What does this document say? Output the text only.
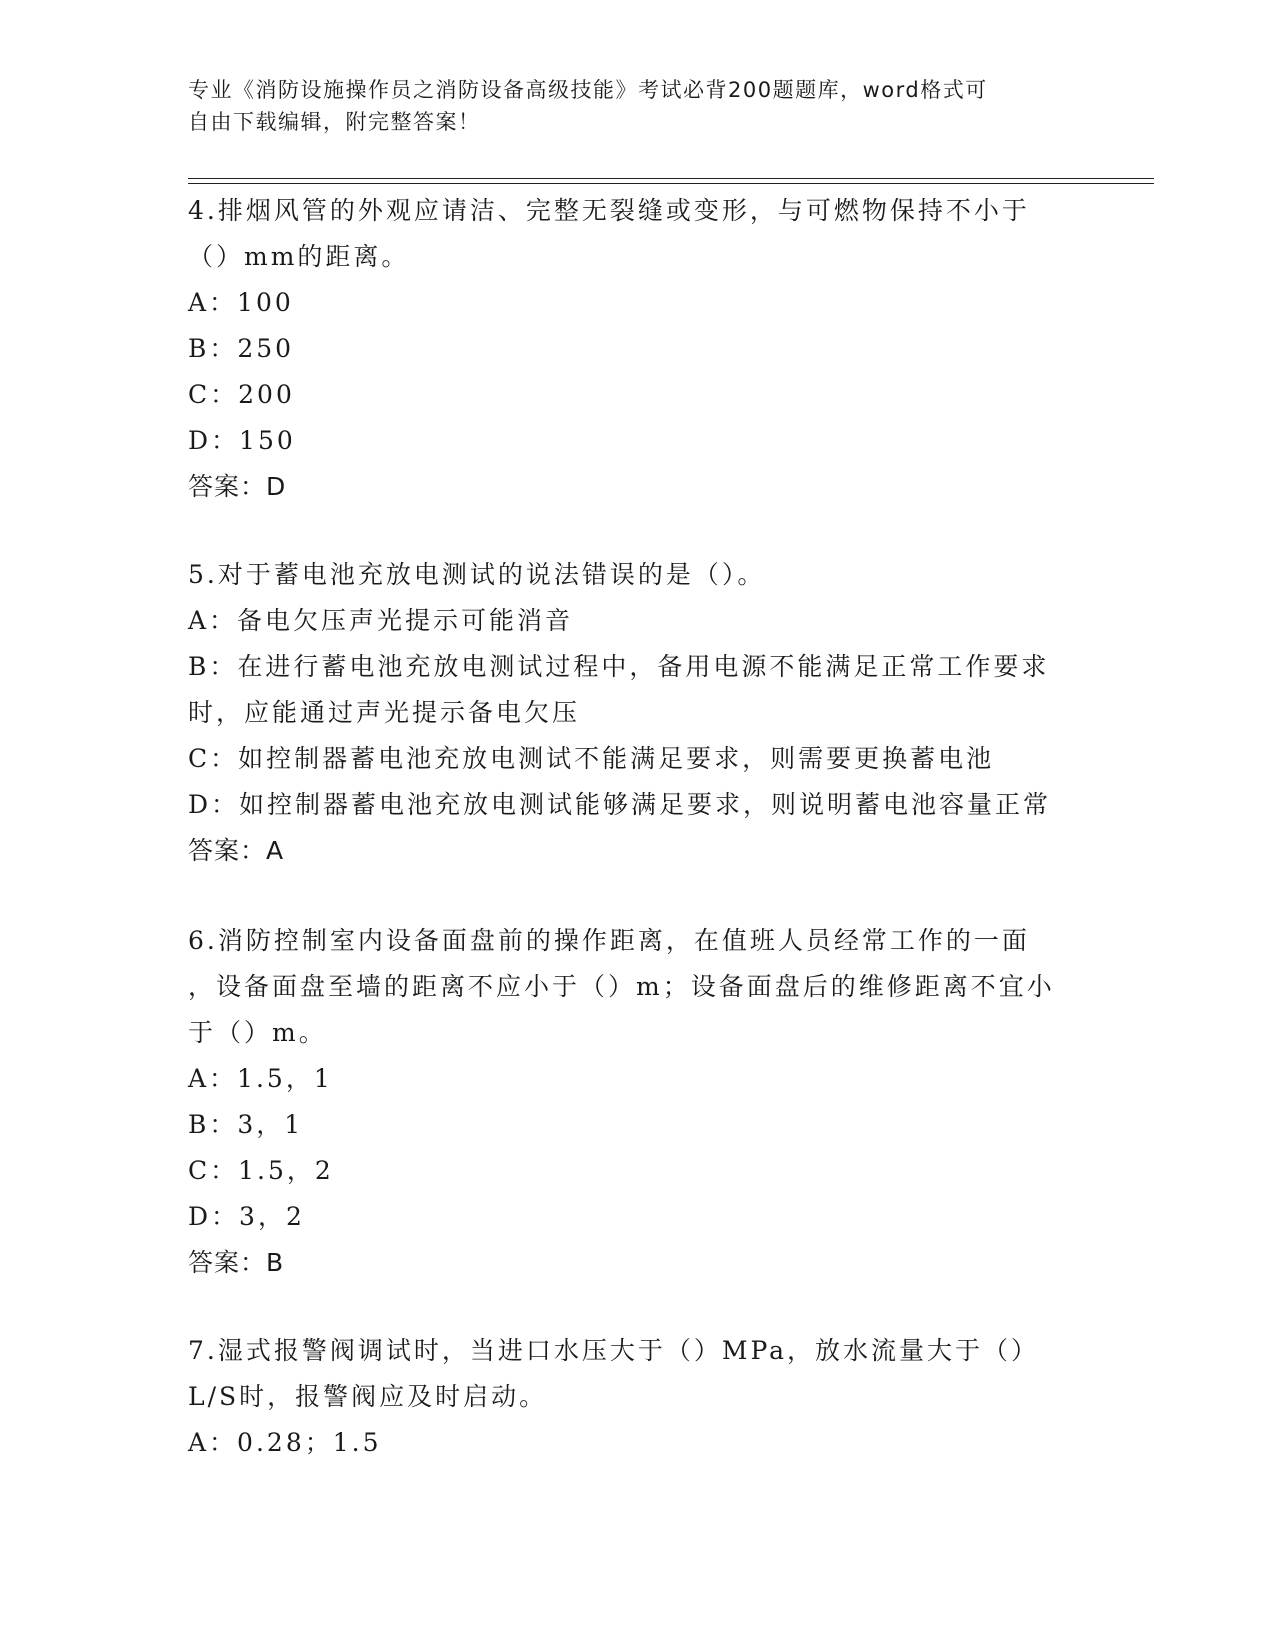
专业《消防设施操作员之消防设备高级技能》考试必背200题题库，word格式可
自由下载编辑，附完整答案！
4.排烟风管的外观应请洁、完整无裂缝或变形，与可燃物保持不小于
（）mm的距离。
A：100
B：250
C：200
D：150
答案：D
5.对于蓄电池充放电测试的说法错误的是（）。
A：备电欠压声光提示可能消音
B：在进行蓄电池充放电测试过程中，备用电源不能满足正常工作要求
时，应能通过声光提示备电欠压
C：如控制器蓄电池充放电测试不能满足要求，则需要更换蓄电池
D：如控制器蓄电池充放电测试能够满足要求，则说明蓄电池容量正常
答案：A
6.消防控制室内设备面盘前的操作距离，在值班人员经常工作的一面
，设备面盘至墙的距离不应小于（）m；设备面盘后的维修距离不宜小
于（）m。
A：1.5，1
B：3，1
C：1.5，2
D：3，2
答案：B
7.湿式报警阀调试时，当进口水压大于（）MPa，放水流量大于（）
L/S时，报警阀应及时启动。
A：0.28；1.5
